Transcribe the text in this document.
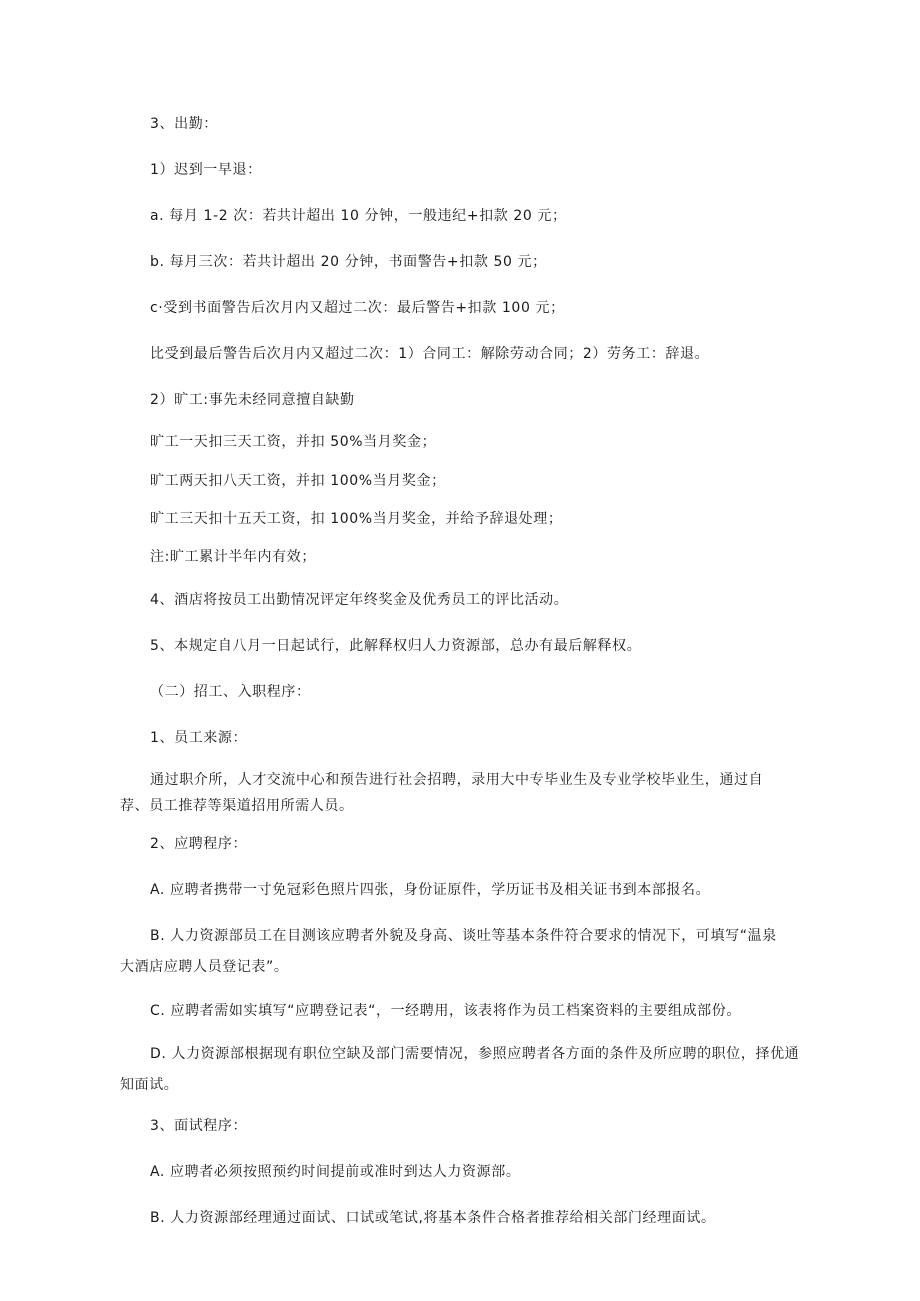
3、出勤：
1）迟到一早退：
a. 每月 1-2 次：若共计超出 10 分钟，一般违纪+扣款 20 元；
b. 每月三次：若共计超出 20 分钟，书面警告+扣款 50 元；
c·受到书面警告后次月内又超过二次：最后警告+扣款 100 元；
比受到最后警告后次月内又超过二次：1）合同工：解除劳动合同；2）劳务工：辞退。
2）旷工:事先未经同意擅自缺勤
旷工一天扣三天工资，并扣 50%当月奖金；
旷工两天扣八天工资，并扣 100%当月奖金；
旷工三天扣十五天工资，扣 100%当月奖金，并给予辞退处理；
注:旷工累计半年内有效；
4、酒店将按员工出勤情况评定年终奖金及优秀员工的评比活动。
5、本规定自八月一日起试行，此解释权归人力资源部，总办有最后解释权。
（二）招工、入职程序：
1、员工来源：
通过职介所，人才交流中心和预告进行社会招聘，录用大中专毕业生及专业学校毕业生，通过自
荐、员工推荐等渠道招用所需人员。
2、应聘程序：
A. 应聘者携带一寸免冠彩色照片四张，身份证原件，学历证书及相关证书到本部报名。
B. 人力资源部员工在目测该应聘者外貌及身高、谈吐等基本条件符合要求的情况下，可填写“温泉
大酒店应聘人员登记表”。
C. 应聘者需如实填写“应聘登记表“，一经聘用，该表将作为员工档案资料的主要组成部份。
D. 人力资源部根据现有职位空缺及部门需要情况，参照应聘者各方面的条件及所应聘的职位，择优通
知面试。
3、面试程序：
A. 应聘者必须按照预约时间提前或准时到达人力资源部。
B. 人力资源部经理通过面试、口试或笔试,将基本条件合格者推荐给相关部门经理面试。
